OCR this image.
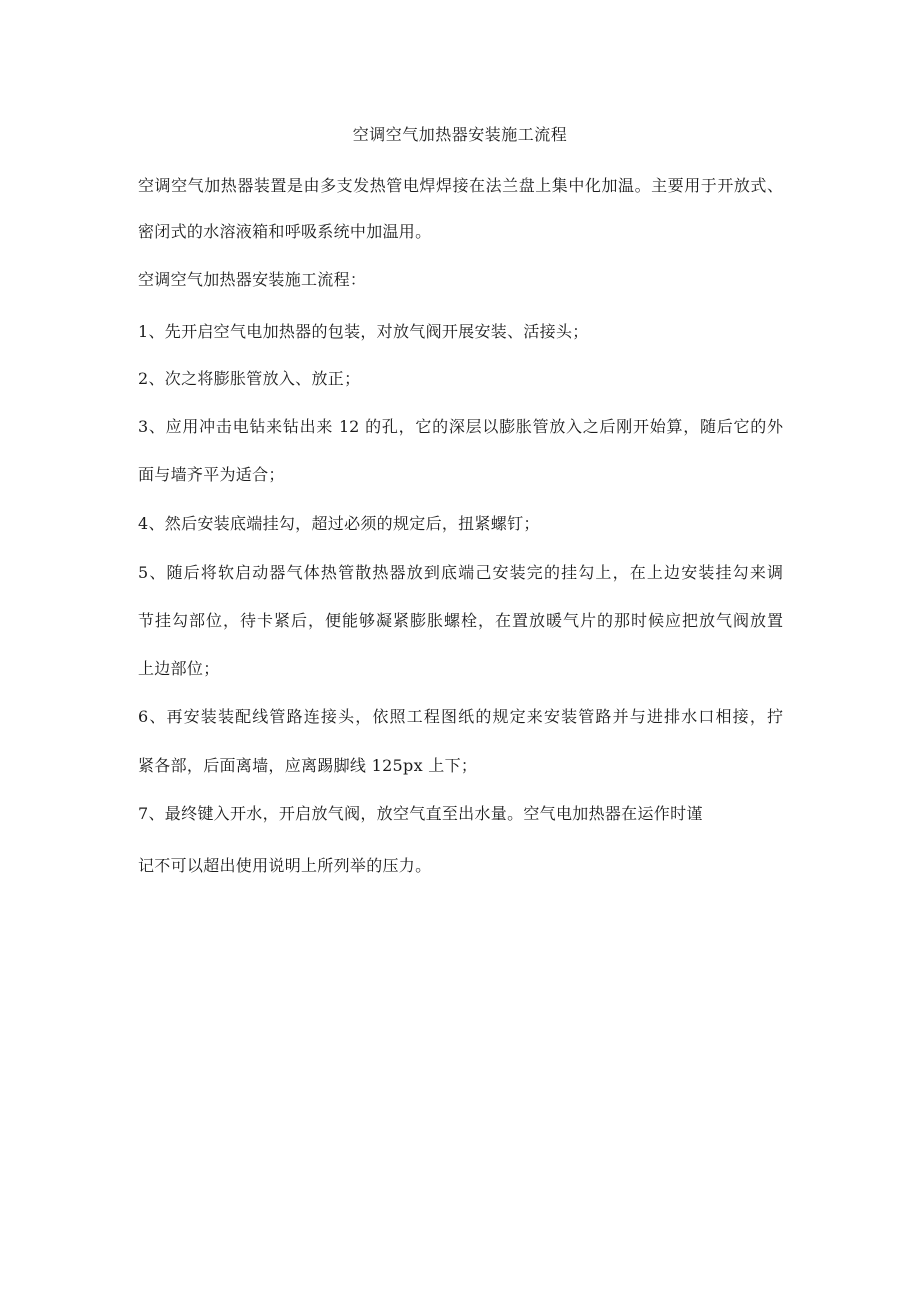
空调空气加热器安装施工流程
空调空气加热器装置是由多支发热管电焊焊接在法兰盘上集中化加温。主要用于开放式、
密闭式的水溶液箱和呼吸系统中加温用。
空调空气加热器安装施工流程：
1、先开启空气电加热器的包装，对放气阀开展安装、活接头；
2、次之将膨胀管放入、放正；
3、应用冲击电钻来钻出来 12 的孔，它的深层以膨胀管放入之后刚开始算，随后它的外
面与墙齐平为适合；
4、然后安装底端挂勾，超过必须的规定后，扭紧螺钉；
5、随后将软启动器气体热管散热器放到底端己安装完的挂勾上，在上边安装挂勾来调
节挂勾部位，待卡紧后，便能够凝紧膨胀螺栓，在置放暖气片的那时候应把放气阀放置
上边部位；
6、再安装装配线管路连接头，依照工程图纸的规定来安装管路并与进排水口相接，拧
紧各部，后面离墙，应离踢脚线 125px 上下；
7、最终键入开水，开启放气阀，放空气直至出水量。空气电加热器在运作时谨
记不可以超出使用说明上所列举的压力。
